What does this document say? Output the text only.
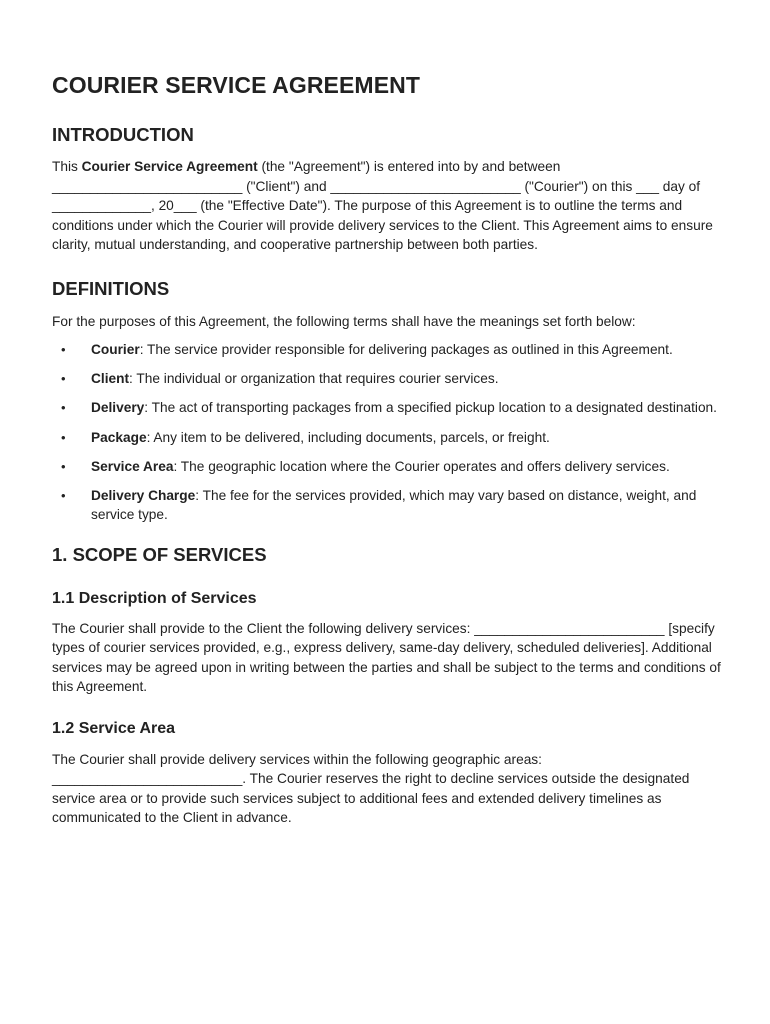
COURIER SERVICE AGREEMENT
INTRODUCTION

This Courier Service Agreement (the "Agreement") is entered into by and between _________________________ ("Client") and _________________________ ("Courier") on this ___ day of _____________, 20___ (the "Effective Date"). The purpose of this Agreement is to outline the terms and conditions under which the Courier will provide delivery services to the Client. This Agreement aims to ensure clarity, mutual understanding, and cooperative partnership between both parties.

DEFINITIONS

For the purposes of this Agreement, the following terms shall have the meanings set forth below:

• Courier: The service provider responsible for delivering packages as outlined in this Agreement.
• Client: The individual or organization that requires courier services.
• Delivery: The act of transporting packages from a specified pickup location to a designated destination.
• Package: Any item to be delivered, including documents, parcels, or freight.
• Service Area: The geographic location where the Courier operates and offers delivery services.
• Delivery Charge: The fee for the services provided, which may vary based on distance, weight, and service type.
1. SCOPE OF SERVICES
1.1 Description of Services

The Courier shall provide to the Client the following delivery services: _________________________ [specify types of courier services provided, e.g., express delivery, same-day delivery, scheduled deliveries]. Additional services may be agreed upon in writing between the parties and shall be subject to the terms and conditions of this Agreement.

1.2 Service Area

The Courier shall provide delivery services within the following geographic areas: _________________________. The Courier reserves the right to decline services outside the designated service area or to provide such services subject to additional fees and extended delivery timelines as communicated to the Client in advance.
